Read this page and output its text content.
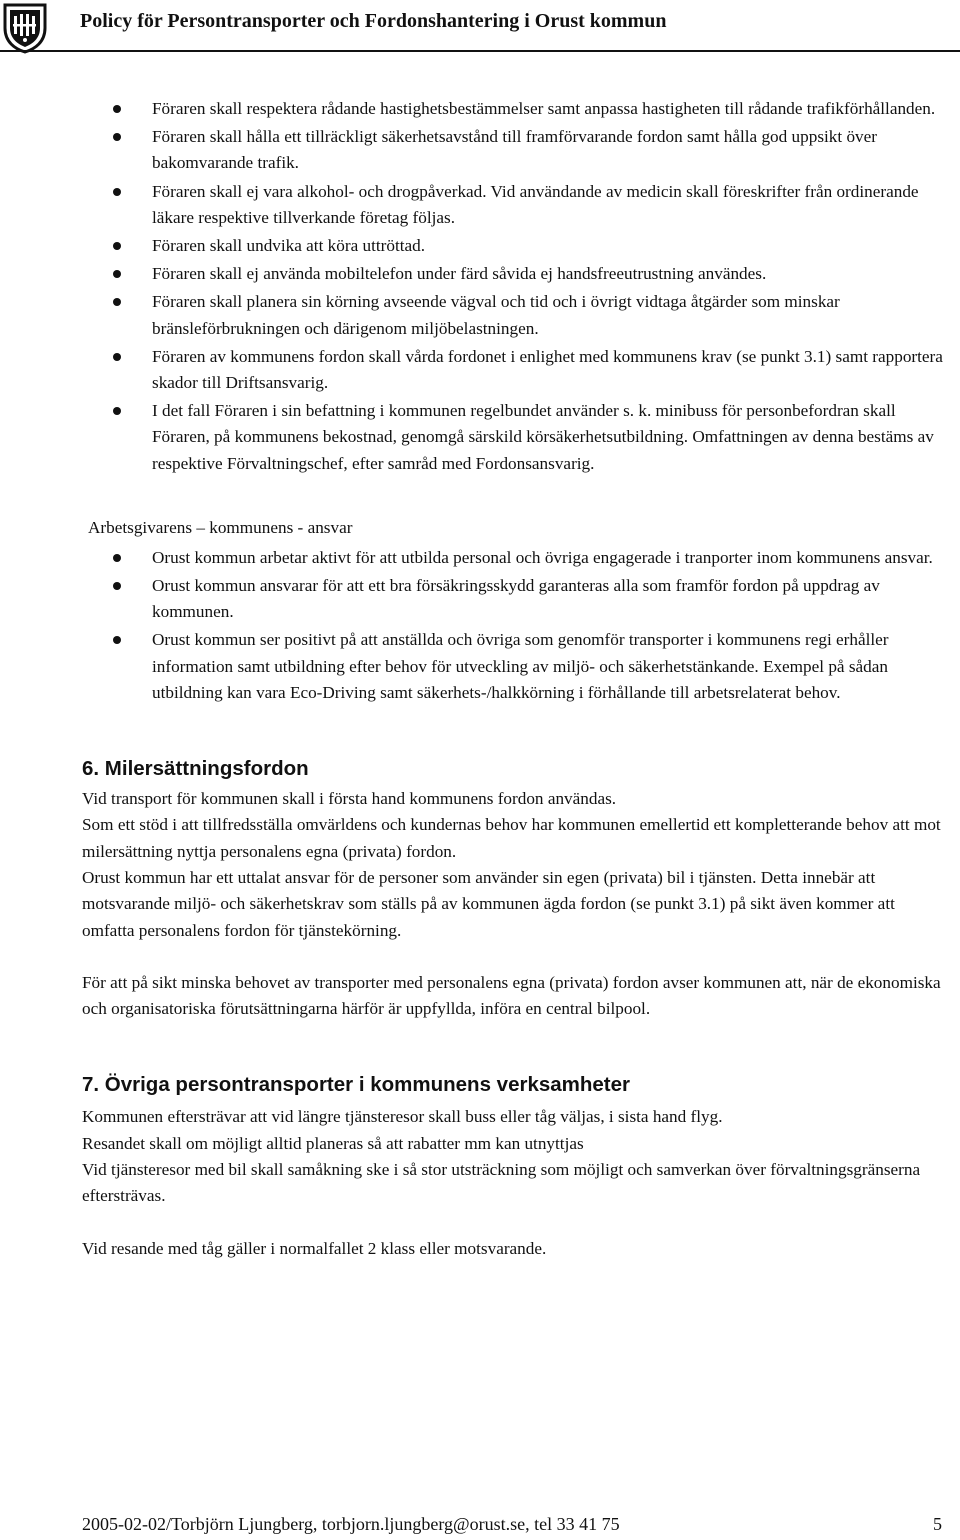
Policy för Persontransporter och Fordonshantering i Orust kommun
Föraren skall respektera rådande hastighetsbestämmelser samt anpassa hastigheten till rådande trafikförhållanden.
Föraren skall hålla ett tillräckligt säkerhetsavstånd till framförvarande fordon samt hålla god uppsikt över bakomvarande trafik.
Föraren skall ej vara alkohol- och drogpåverkad. Vid användande av medicin skall föreskrifter från ordinerande läkare respektive tillverkande företag följas.
Föraren skall undvika att köra uttröttad.
Föraren skall ej använda mobiltelefon under färd såvida ej handsfreeutrustning användes.
Föraren skall planera sin körning avseende vägval och tid och i övrigt vidtaga åtgärder som minskar bränsleförbrukningen och därigenom miljöbelastningen.
Föraren av kommunens fordon skall vårda fordonet i enlighet med kommunens krav (se punkt 3.1) samt rapportera skador till Driftsansvarig.
I det fall Föraren i sin befattning i kommunen regelbundet använder s. k. minibuss för personbefordran skall Föraren, på kommunens bekostnad, genomgå särskild körsäkerhetsutbildning. Omfattningen av denna bestäms av respektive Förvaltningschef, efter samråd med Fordonsansvarig.
Arbetsgivarens – kommunens - ansvar
Orust kommun arbetar aktivt för att utbilda personal och övriga engagerade i tranporter inom kommunens ansvar.
Orust kommun ansvarar för att ett bra försäkringsskydd garanteras alla som framför fordon på uppdrag av kommunen.
Orust kommun ser positivt på att anställda och övriga som genomför transporter i kommunens regi erhåller information samt utbildning efter behov för utveckling av miljö- och säkerhetstänkande. Exempel på sådan utbildning kan vara Eco-Driving samt säkerhets-/halkkörning i förhållande till arbetsrelaterat behov.
6. Milersättningsfordon

Vid transport för kommunen skall i första hand kommunens fordon användas.

Som ett stöd i att tillfredsställa omvärldens och kundernas behov har kommunen emellertid ett kompletterande behov att mot milersättning nyttja personalens egna (privata) fordon.

Orust kommun har ett uttalat ansvar för de personer som använder sin egen (privata) bil i tjänsten. Detta innebär att motsvarande miljö- och säkerhetskrav som ställs på av kommunen ägda fordon (se punkt 3.1) på sikt även kommer att omfatta personalens fordon för tjänstekörning.

För att på sikt minska behovet av transporter med personalens egna (privata) fordon avser kommunen att, när de ekonomiska och organisatoriska förutsättningarna härför är uppfyllda, införa en central bilpool.

7. Övriga persontransporter i kommunens verksamheter

Kommunen eftersträvar att vid längre tjänsteresor skall buss eller tåg väljas, i sista hand flyg.

Resandet skall om möjligt alltid planeras så att rabatter mm kan utnyttjas

Vid tjänsteresor med bil skall samåkning ske i så stor utsträckning som möjligt och samverkan över förvaltningsgränserna eftersträvas.

Vid resande med tåg gäller i normalfallet 2 klass eller motsvarande.

2005-02-02/Torbjörn Ljungberg, torbjorn.ljungberg@orust.se, tel 33 41 75	5
